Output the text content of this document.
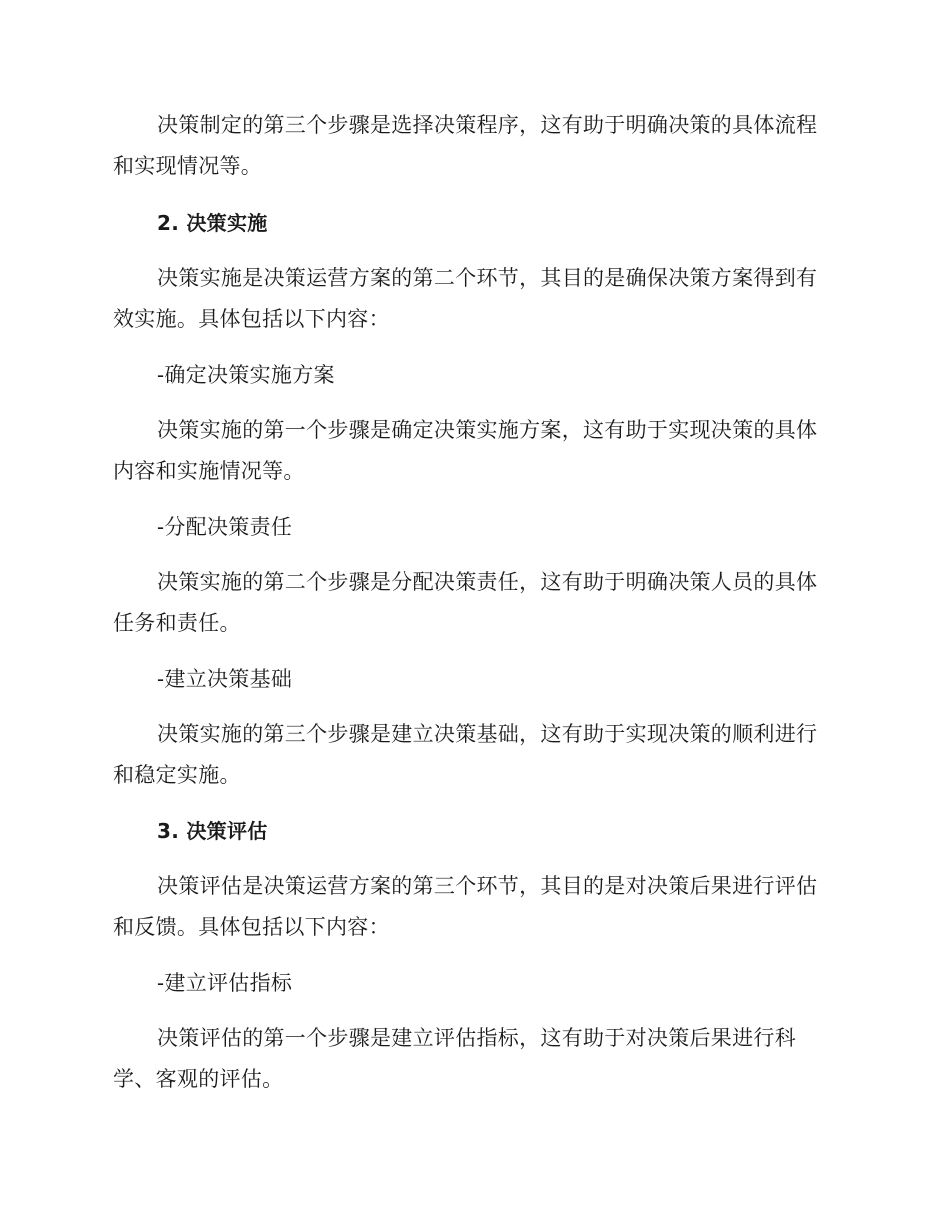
决策制定的第三个步骤是选择决策程序，这有助于明确决策的具体流程和实现情况等。
2. 决策实施
决策实施是决策运营方案的第二个环节，其目的是确保决策方案得到有效实施。具体包括以下内容：
-确定决策实施方案
决策实施的第一个步骤是确定决策实施方案，这有助于实现决策的具体内容和实施情况等。
-分配决策责任
决策实施的第二个步骤是分配决策责任，这有助于明确决策人员的具体任务和责任。
-建立决策基础
决策实施的第三个步骤是建立决策基础，这有助于实现决策的顺利进行和稳定实施。
3. 决策评估
决策评估是决策运营方案的第三个环节，其目的是对决策后果进行评估和反馈。具体包括以下内容：
-建立评估指标
决策评估的第一个步骤是建立评估指标，这有助于对决策后果进行科学、客观的评估。
